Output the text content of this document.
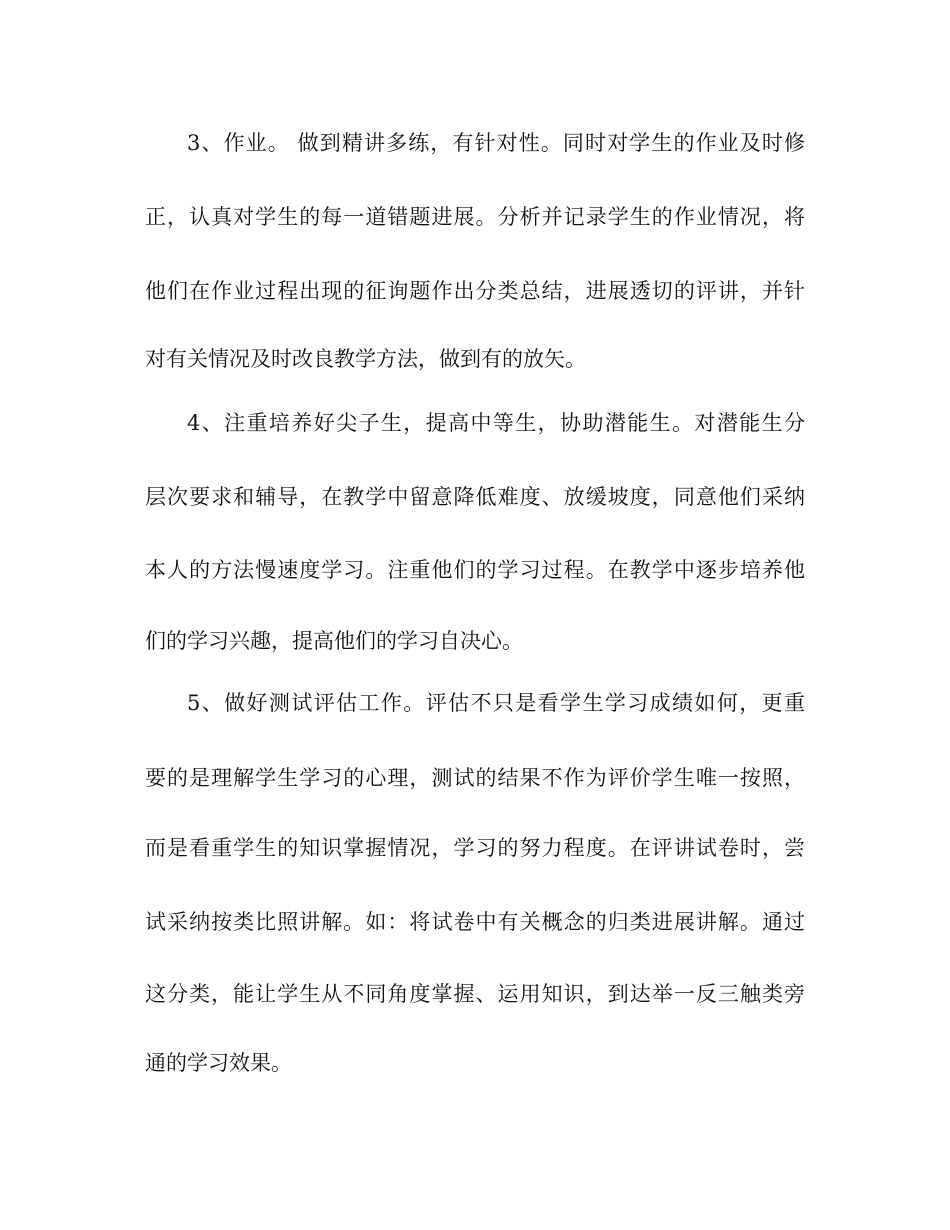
3、作业。 做到精讲多练，有针对性。同时对学生的作业及时修
正，认真对学生的每一道错题进展。分析并记录学生的作业情况，将
他们在作业过程出现的征询题作出分类总结，进展透切的评讲，并针
对有关情况及时改良教学方法，做到有的放矢。
4、注重培养好尖子生，提高中等生，协助潜能生。对潜能生分
层次要求和辅导，在教学中留意降低难度、放缓坡度，同意他们采纳
本人的方法慢速度学习。注重他们的学习过程。在教学中逐步培养他
们的学习兴趣，提高他们的学习自决心。
5、做好测试评估工作。评估不只是看学生学习成绩如何，更重
要的是理解学生学习的心理，测试的结果不作为评价学生唯一按照，
而是看重学生的知识掌握情况，学习的努力程度。在评讲试卷时，尝
试采纳按类比照讲解。如：将试卷中有关概念的归类进展讲解。通过
这分类，能让学生从不同角度掌握、运用知识，到达举一反三触类旁
通的学习效果。
